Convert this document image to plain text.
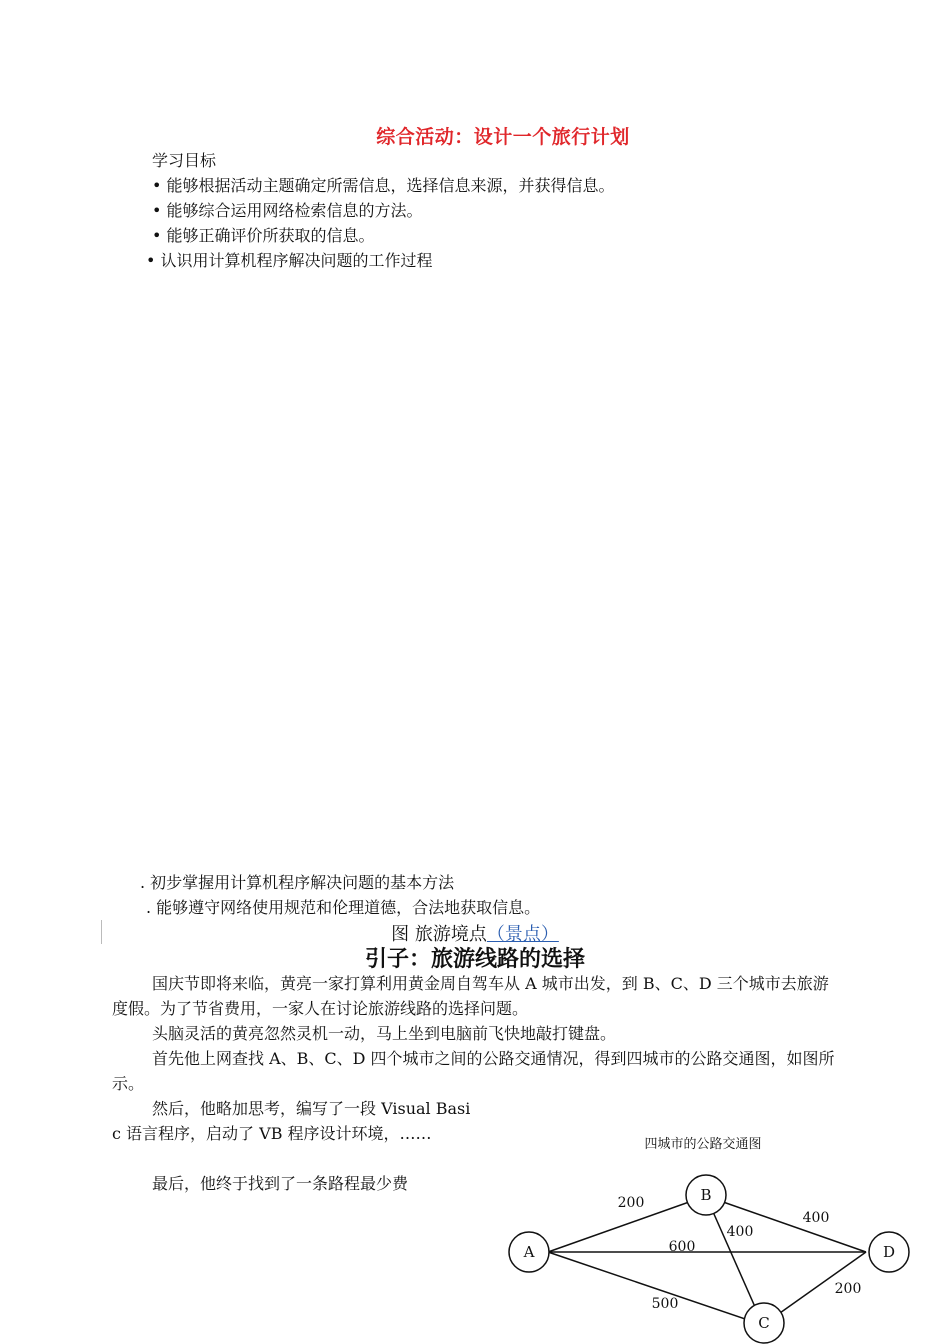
综合活动：设计一个旅行计划
学习目标
• 能够根据活动主题确定所需信息，选择信息来源，并获得信息。
• 能够综合运用网络检索信息的方法。
• 能够正确评价所获取的信息。
• 认识用计算机程序解决问题的工作过程
. 初步掌握用计算机程序解决问题的基本方法
. 能够遵守网络使用规范和伦理道德，合法地获取信息。
图 旅游境点（景点）
引子：旅游线路的选择
国庆节即将来临，黄亮一家打算利用黄金周自驾车从 A 城市出发，到 B、C、D 三个城市去旅游度假。为了节省费用，一家人在讨论旅游线路的选择问题。
头脑灵活的黄亮忽然灵机一动，马上坐到电脑前飞快地敲打键盘。
首先他上网查找 A、B、C、D 四个城市之间的公路交通情况，得到四城市的公路交通图，如图所示。
然后，他略加思考，编写了一段 Visual Basic 语言程序，启动了 VB 程序设计环境，……
最后，他终于找到了一条路程最少费
四城市的公路交通图
200
400
400
600
500
200
A
B
C
D
